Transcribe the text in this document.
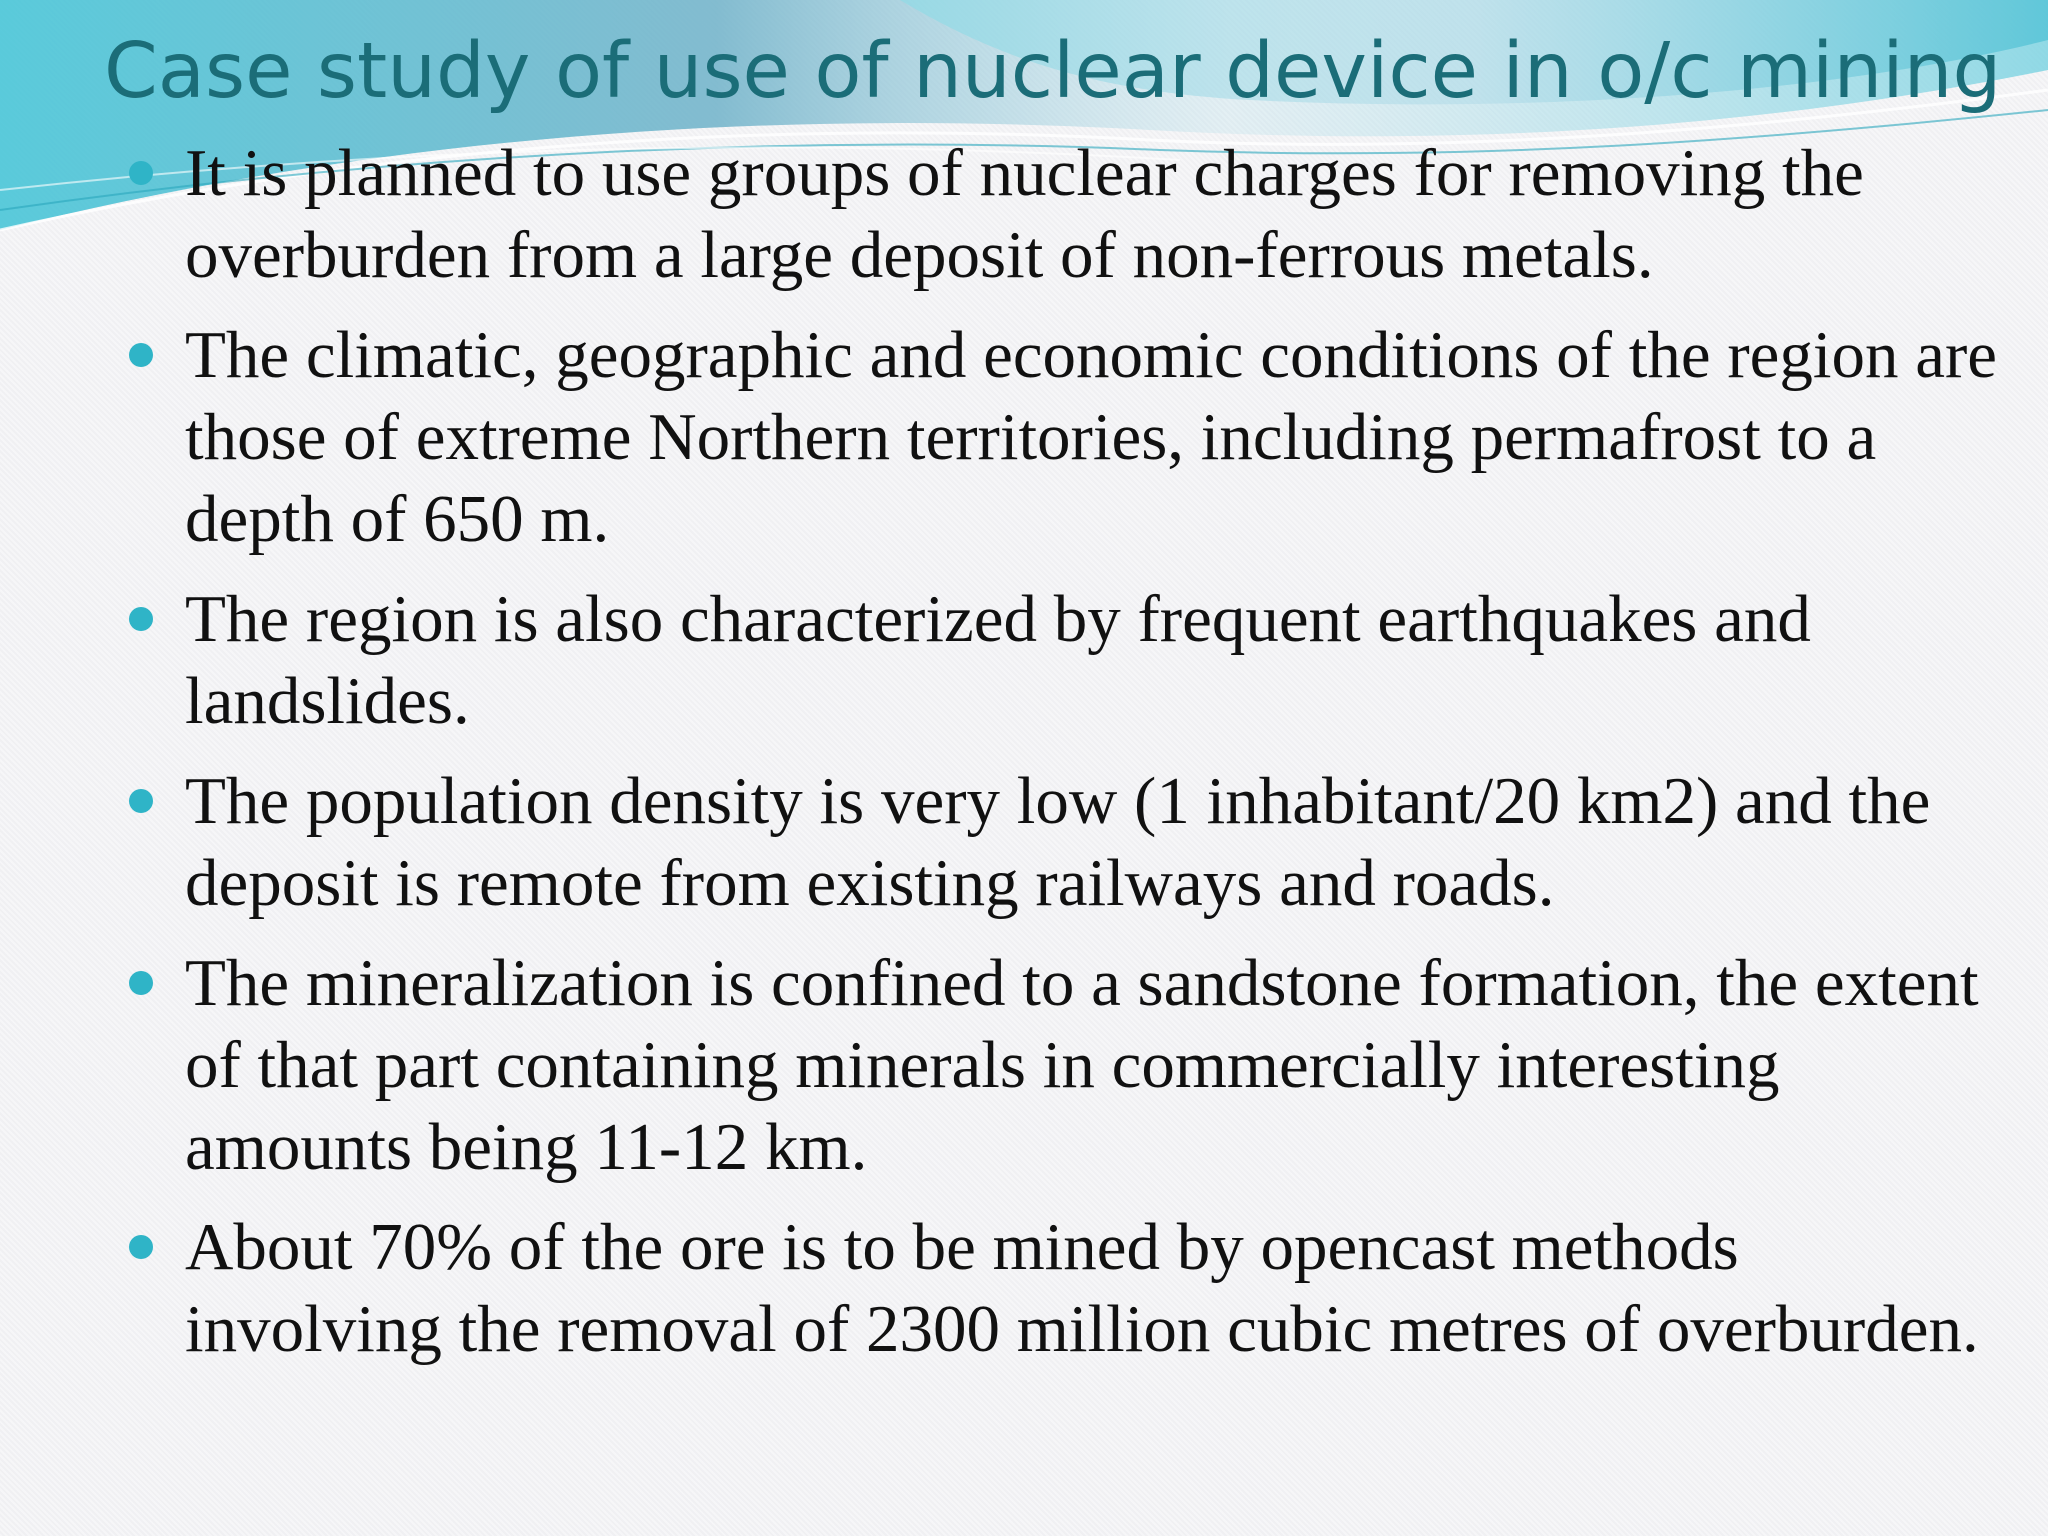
Case study of use of nuclear device in o/c mining
It is planned to use groups of nuclear charges for removing the overburden from a large deposit of non-ferrous metals.
The climatic, geographic and economic conditions of the region are those of extreme Northern territories, including permafrost to a depth of 650 m.
The region is also characterized by frequent earthquakes and landslides.
The population density is very low (1 inhabitant/20 km2) and the deposit is remote from existing railways and roads.
The mineralization is confined to a sandstone formation, the extent of that part containing minerals in commercially interesting amounts being 11-12 km.
About 70% of the ore is to be mined by opencast methods involving the removal of 2300 million cubic metres of overburden.
